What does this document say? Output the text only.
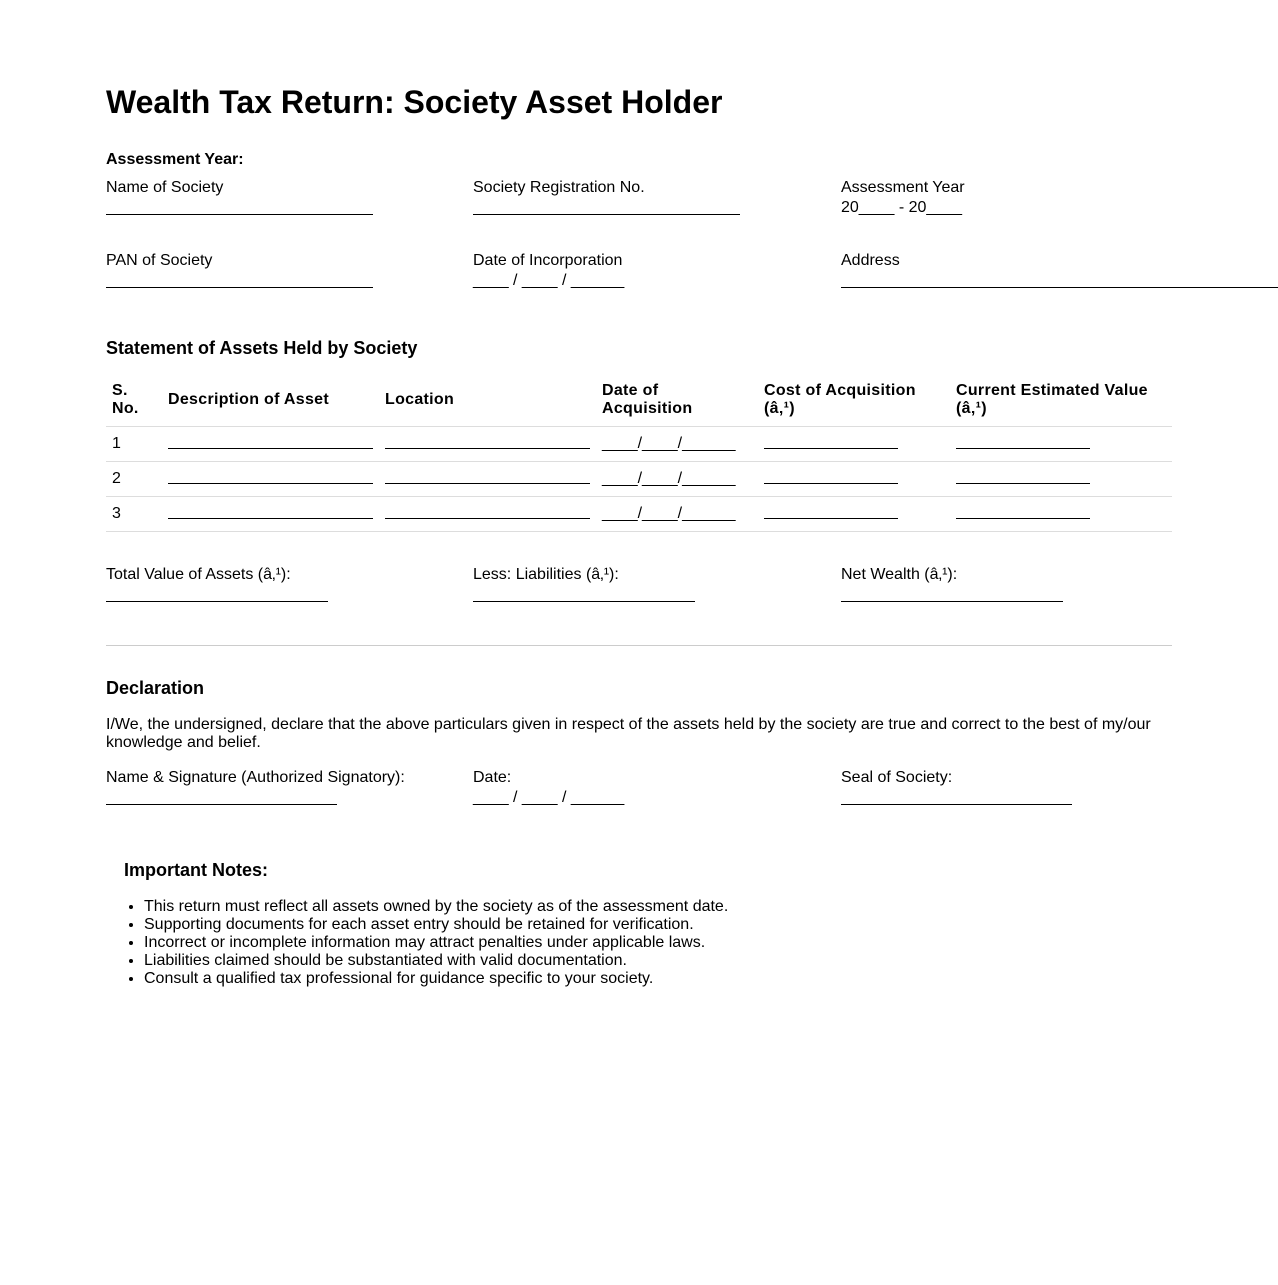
Wealth Tax Return: Society Asset Holder
Assessment Year:
Name of Society	Society Registration No.	Assessment Year
20____ - 20____
PAN of Society	Date of Incorporation
____ / ____ / ______
Address
Statement of Assets Held by Society
S. No.	Description of Asset	Location	Date of Acquisition	Cost of Acquisition (â‚¹)	Current Estimated Value (â‚¹)
1			____/____/______	

2			____/____/______	

3			____/____/______	

Total Value of Assets (â‚¹):	Less: Liabilities (â‚¹):	Net Wealth (â‚¹):
Declaration

I/We, the undersigned, declare that the above particulars given in respect of the assets held by the society are true and correct to the best of my/our knowledge and belief.

Name & Signature (Authorized Signatory):	Date:
____ / ____ / ______
Seal of Society:
Important Notes:
• This return must reflect all assets owned by the society as of the assessment date.
• Supporting documents for each asset entry should be retained for verification.
• Incorrect or incomplete information may attract penalties under applicable laws.
• Liabilities claimed should be substantiated with valid documentation.
• Consult a qualified tax professional for guidance specific to your society.
